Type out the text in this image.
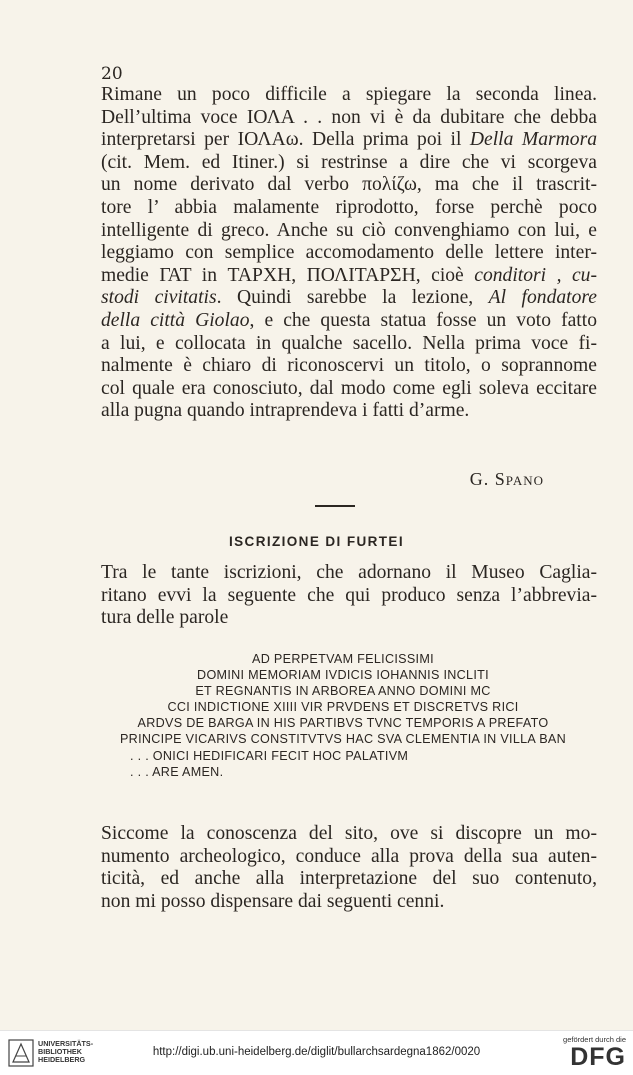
20
Rimane un poco difficile a spiegare la seconda linea.
Dell’ultima voce ΙΟΛΑ . . non vi è da dubitare che debba
interpretarsi per ΙΟΛΑω. Della prima poi il Della Marmora
(cit. Mem. ed Itiner.) si restrinse a dire che vi scorgeva
un nome derivato dal verbo πολίζω, ma che il trascrit-
tore l’ abbia malamente riprodotto, forse perchè poco
intelligente di greco. Anche su ciò convenghiamo con lui, e
leggiamo con semplice accomodamento delle lettere inter-
medie ΓΑΤ in ΤΑΡΧΗ, ΠΟΛΙΤΑΡΣΗ, cioè conditori , cu-
stodi civitatis. Quindi sarebbe la lezione, Al fondatore
della città Giolao, e che questa statua fosse un voto fatto
a lui, e collocata in qualche sacello. Nella prima voce fi-
nalmente è chiaro di riconoscervi un titolo, o soprannome
col quale era conosciuto, dal modo come egli soleva eccitare
alla pugna quando intraprendeva i fatti d’arme.
G. Spano
ISCRIZIONE DI FURTEI
Tra le tante iscrizioni, che adornano il Museo Caglia-
ritano evvi la seguente che qui produco senza l’abbrevia-
tura delle parole
AD PERPETVAM FELICISSIMI
DOMINI MEMORIAM IVDICIS IOHANNIS INCLITI
ET REGNANTIS IN ARBOREA ANNO DOMINI MC
CCI INDICTIONE XIIII VIR PRVDENS ET DISCRETVS RICI
ARDVS DE BARGA IN HIS PARTIBVS TVNC TEMPORIS A PREFATO
PRINCIPE VICARIVS CONSTITVTVS HAC SVA CLEMENTIA IN VILLA BAN
. . . ONICI HEDIFICARI FECIT HOC PALATIVM
. . . ARE AMEN.
Siccome la conoscenza del sito, ove si discopre un mo-
numento archeologico, conduce alla prova della sua auten-
ticità, ed anche alla interpretazione del suo contenuto,
non mi posso dispensare dai seguenti cenni.
UNIVERSITÄTS-
BIBLIOTHEK
HEIDELBERG
http://digi.ub.uni-heidelberg.de/diglit/bullarchsardegna1862/0020
gefördert durch die
DFG
